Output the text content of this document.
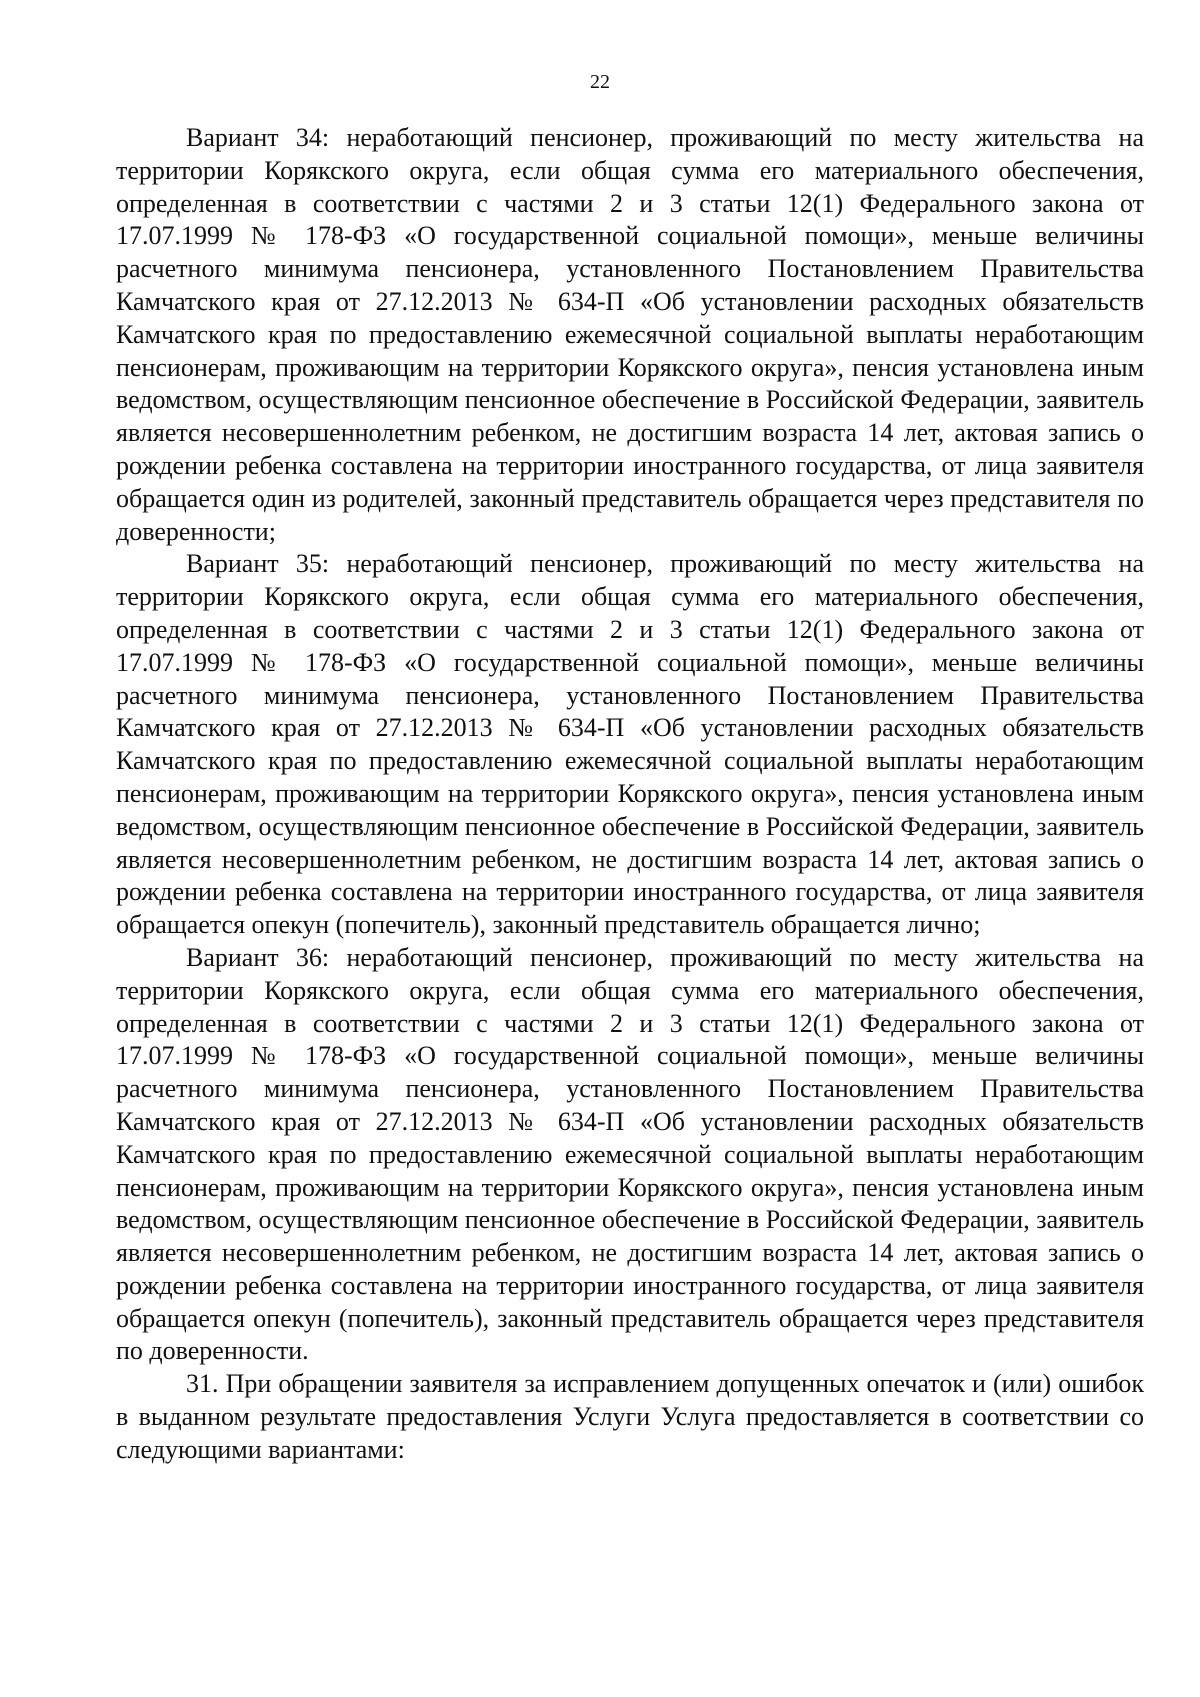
22

Вариант 34: неработающий пенсионер, проживающий по месту жительства на территории Корякского округа, если общая сумма его материального обеспечения, определенная в соответствии с частями 2 и 3 статьи 12(1) Федерального закона от 17.07.1999 № 178-ФЗ «О государственной социальной помощи», меньше величины расчетного минимума пенсионера, установленного Постановлением Правительства Камчатского края от 27.12.2013 № 634-П «Об установлении расходных обязательств Камчатского края по предоставлению ежемесячной социальной выплаты неработающим пенсионерам, проживающим на территории Корякского округа», пенсия установлена иным ведомством, осуществляющим пенсионное обеспечение в Российской Федерации, заявитель является несовершеннолетним ребенком, не достигшим возраста 14 лет, актовая запись о рождении ребенка составлена на территории иностранного государства, от лица заявителя обращается один из родителей, законный представитель обращается через представителя по доверенности;

Вариант 35: неработающий пенсионер, проживающий по месту жительства на территории Корякского округа, если общая сумма его материального обеспечения, определенная в соответствии с частями 2 и 3 статьи 12(1) Федерального закона от 17.07.1999 № 178-ФЗ «О государственной социальной помощи», меньше величины расчетного минимума пенсионера, установленного Постановлением Правительства Камчатского края от 27.12.2013 № 634-П «Об установлении расходных обязательств Камчатского края по предоставлению ежемесячной социальной выплаты неработающим пенсионерам, проживающим на территории Корякского округа», пенсия установлена иным ведомством, осуществляющим пенсионное обеспечение в Российской Федерации, заявитель является несовершеннолетним ребенком, не достигшим возраста 14 лет, актовая запись о рождении ребенка составлена на территории иностранного государства, от лица заявителя обращается опекун (попечитель), законный представитель обращается лично;

Вариант 36: неработающий пенсионер, проживающий по месту жительства на территории Корякского округа, если общая сумма его материального обеспечения, определенная в соответствии с частями 2 и 3 статьи 12(1) Федерального закона от 17.07.1999 № 178-ФЗ «О государственной социальной помощи», меньше величины расчетного минимума пенсионера, установленного Постановлением Правительства Камчатского края от 27.12.2013 № 634-П «Об установлении расходных обязательств Камчатского края по предоставлению ежемесячной социальной выплаты неработающим пенсионерам, проживающим на территории Корякского округа», пенсия установлена иным ведомством, осуществляющим пенсионное обеспечение в Российской Федерации, заявитель является несовершеннолетним ребенком, не достигшим возраста 14 лет, актовая запись о рождении ребенка составлена на территории иностранного государства, от лица заявителя обращается опекун (попечитель), законный представитель обращается через представителя по доверенности.

31. При обращении заявителя за исправлением допущенных опечаток и (или) ошибок в выданном результате предоставления Услуги Услуга предоставляется в соответствии со следующими вариантами:
